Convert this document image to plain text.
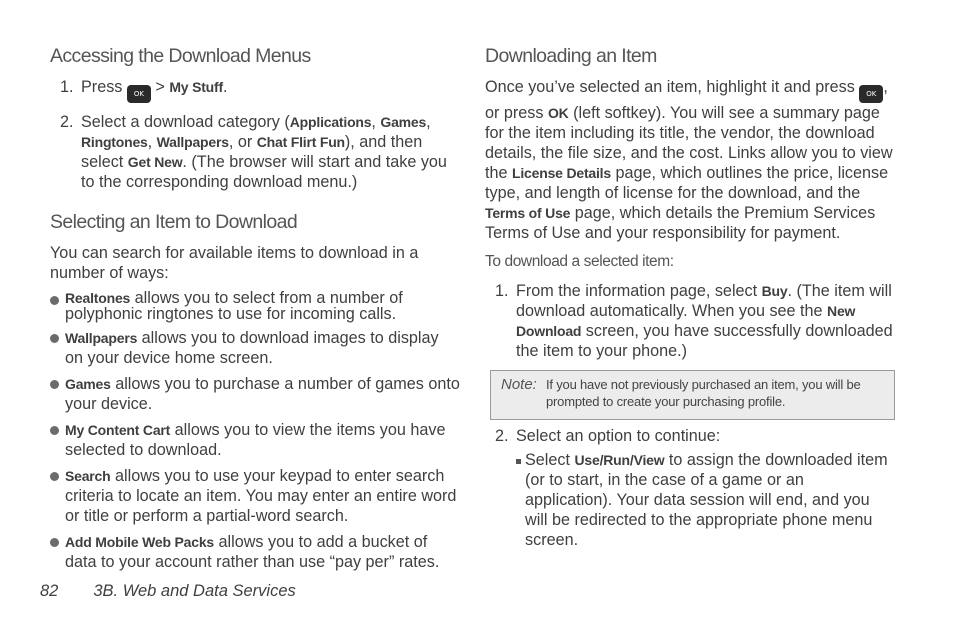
Accessing the Download Menus
1. Press OK > My Stuff.
2. Select a download category (Applications, Games, Ringtones, Wallpapers, or Chat Flirt Fun), and then select Get New. (The browser will start and take you to the corresponding download menu.)
Selecting an Item to Download

You can search for available items to download in a number of ways:

Realtones allows you to select from a number of polyphonic ringtones to use for incoming calls.
Wallpapers allows you to download images to display on your device home screen.
Games allows you to purchase a number of games onto your device.
My Content Cart allows you to view the items you have selected to download.
Search allows you to use your keypad to enter search criteria to locate an item. You may enter an entire word or title or perform a partial-word search.
Add Mobile Web Packs allows you to add a bucket of data to your account rather than use “pay per” rates.
Downloading an Item

Once you’ve selected an item, highlight it and press OK , or press OK (left softkey). You will see a summary page for the item including its title, the vendor, the download details, the file size, and the cost. Links allow you to view the License Details page, which outlines the price, license type, and length of license for the download, and the Terms of Use page, which details the Premium Services Terms of Use and your responsibility for payment.

To download a selected item:

1. From the information page, select Buy. (The item will download automatically. When you see the New Download screen, you have successfully downloaded the item to your phone.)
Note: If you have not previously purchased an item, you will be prompted to create your purchasing profile.
2. Select an option to continue:
Select Use/Run/View to assign the downloaded item (or to start, in the case of a game or an application). Your data session will end, and you will be redirected to the appropriate phone menu screen.
82 3B. Web and Data Services
